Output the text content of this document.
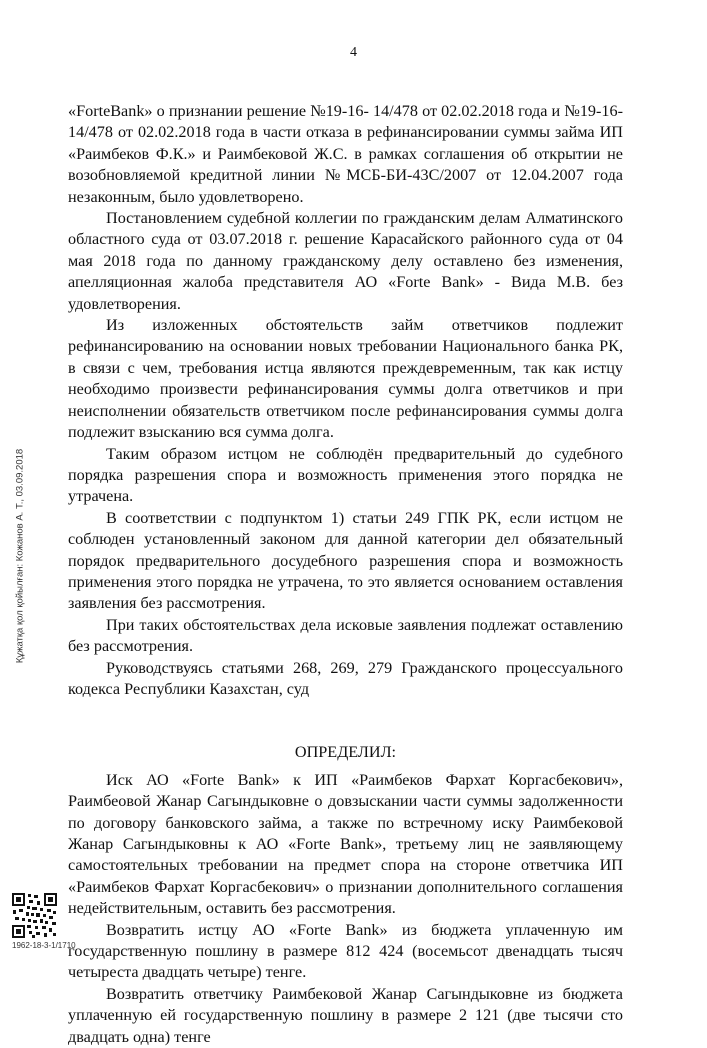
4

«ForteBank» о признании решение №19-16- 14/478 от 02.02.2018 года и №19-16-14/478 от 02.02.2018 года в части отказа в рефинансировании суммы займа ИП «Раимбеков Ф.К.» и Раимбековой Ж.С. в рамках соглашения об открытии не возобновляемой кредитной линии №МСБ-БИ-43С/2007 от 12.04.2007 года незаконным, было удовлетворено.

Постановлением судебной коллегии по гражданским делам Алматинского областного суда от 03.07.2018 г. решение Карасайского районного суда от 04 мая 2018 года по данному гражданскому делу оставлено без изменения, апелляционная жалоба представителя АО «Forte Bank» - Вида М.В. без удовлетворения.

Из изложенных обстоятельств займ ответчиков подлежит рефинансированию на основании новых требовании Национального банка РК, в связи с чем, требования истца являются преждевременным, так как истцу необходимо произвести рефинансирования суммы долга ответчиков и при неисполнении обязательств ответчиком после рефинансирования суммы долга подлежит взысканию вся сумма долга.

Таким образом истцом не соблюдён предварительный до судебного порядка разрешения спора и возможность применения этого порядка не утрачена.

В соответствии с подпунктом 1) статьи 249 ГПК РК, если истцом не соблюден установленный законом для данной категории дел обязательный порядок предварительного досудебного разрешения спора и возможность применения этого порядка не утрачена, то это является основанием оставления заявления без рассмотрения.

При таких обстоятельствах дела исковые заявления подлежат оставлению без рассмотрения.

Руководствуясь статьями 268, 269, 279 Гражданского процессуального кодекса Республики Казахстан, суд

ОПРЕДЕЛИЛ:

Иск АО «Forte Bank» к ИП «Раимбеков Фархат Коргасбекович», Раимбеовой Жанар Сагындыковне о довзыскании части суммы задолженности по договору банковского займа, а также по встречному иску Раимбековой Жанар Сагындыковны к АО «Forte Bank», третьему лиц не заявляющему самостоятельных требовании на предмет спора на стороне ответчика ИП «Раимбеков Фархат Коргасбекович» о признании дополнительного соглашения недействительным, оставить без рассмотрения.

Возвратить истцу АО «Forte Bank» из бюджета уплаченную им государственную пошлину в размере 812 424 (восемьсот двенадцать тысяч четыреста двадцать четыре) тенге.

Возвратить ответчику Раимбековой Жанар Сагындыковне из бюджета уплаченную ей государственную пошлину в размере 2 121 (две тысячи сто двадцать одна) тенге

Құжатқа қол қойылған: Кожанов А. Т., 03.09.2018
1962-18-3-1/1710
